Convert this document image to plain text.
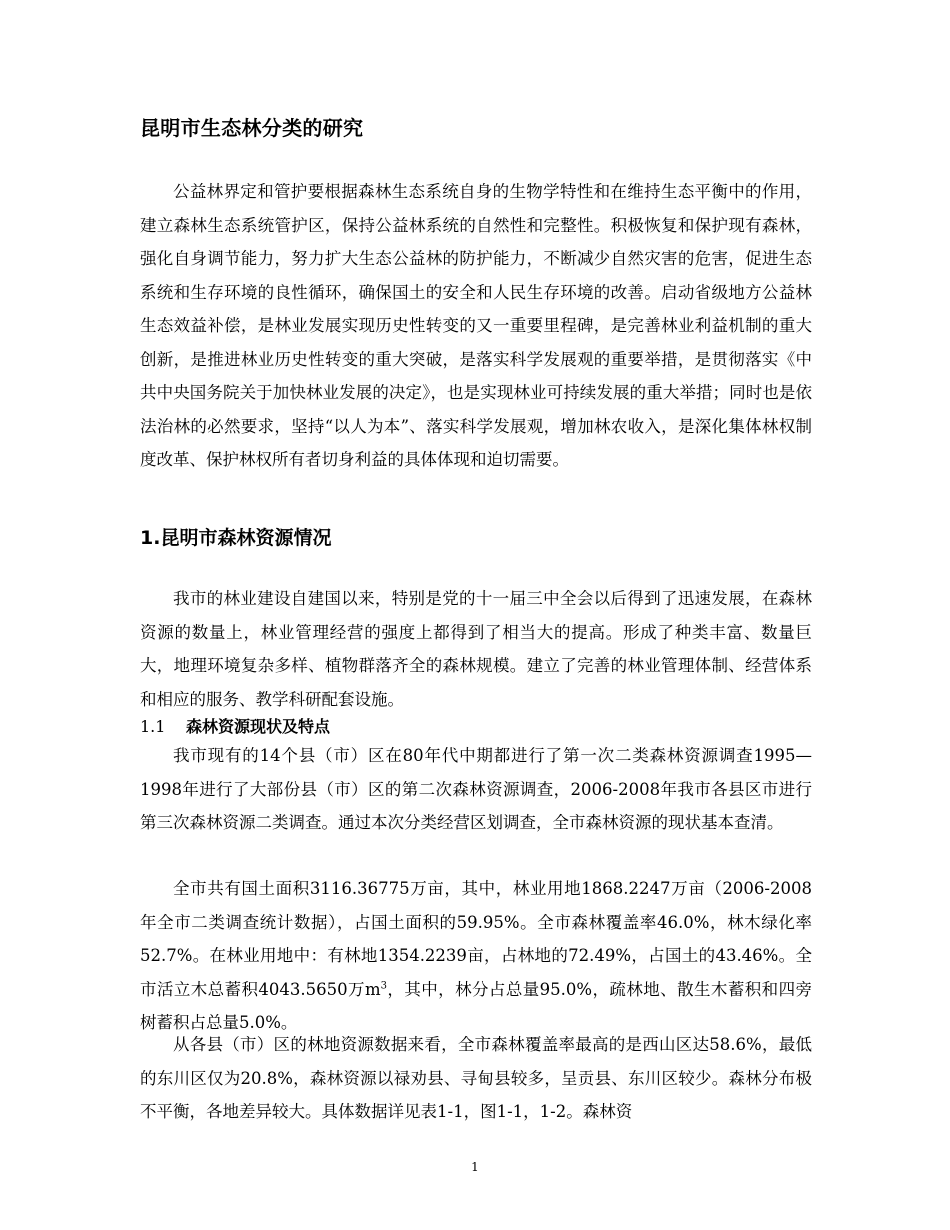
昆明市生态林分类的研究

公益林界定和管护要根据森林生态系统自身的生物学特性和在维持生态平衡中的作用，建立森林生态系统管护区，保持公益林系统的自然性和完整性。积极恢复和保护现有森林，强化自身调节能力，努力扩大生态公益林的防护能力，不断减少自然灾害的危害，促进生态系统和生存环境的良性循环，确保国土的安全和人民生存环境的改善。启动省级地方公益林生态效益补偿，是林业发展实现历史性转变的又一重要里程碑，是完善林业利益机制的重大创新，是推进林业历史性转变的重大突破，是落实科学发展观的重要举措，是贯彻落实《中共中央国务院关于加快林业发展的决定》，也是实现林业可持续发展的重大举措；同时也是依法治林的必然要求，坚持“以人为本”、落实科学发展观，增加林农收入，是深化集体林权制度改革、保护林权所有者切身利益的具体体现和迫切需要。

1.昆明市森林资源情况

我市的林业建设自建国以来，特别是党的十一届三中全会以后得到了迅速发展，在森林资源的数量上，林业管理经营的强度上都得到了相当大的提高。形成了种类丰富、数量巨大，地理环境复杂多样、植物群落齐全的森林规模。建立了完善的林业管理体制、经营体系和相应的服务、教学科研配套设施。

1.1 森林资源现状及特点

我市现有的14个县（市）区在80年代中期都进行了第一次二类森林资源调查1995—1998年进行了大部份县（市）区的第二次森林资源调查，2006-2008年我市各县区市进行第三次森林资源二类调查。通过本次分类经营区划调查，全市森林资源的现状基本查清。

全市共有国土面积3116.36775万亩，其中，林业用地1868.2247万亩（2006-2008年全市二类调查统计数据），占国土面积的59.95%。全市森林覆盖率46.0%，林木绿化率52.7%。在林业用地中：有林地1354.2239亩，占林地的72.49%，占国土的43.46%。全市活立木总蓄积4043.5650万$m^3$，其中，林分占总量95.0%，疏林地、散生木蓄积和四旁树蓄积占总量5.0%。

从各县（市）区的林地资源数据来看，全市森林覆盖率最高的是西山区达58.6%，最低的东川区仅为20.8%，森林资源以禄劝县、寻甸县较多，呈贡县、东川区较少。森林分布极不平衡，各地差异较大。具体数据详见表1-1，图1-1，1-2。森林资

1
